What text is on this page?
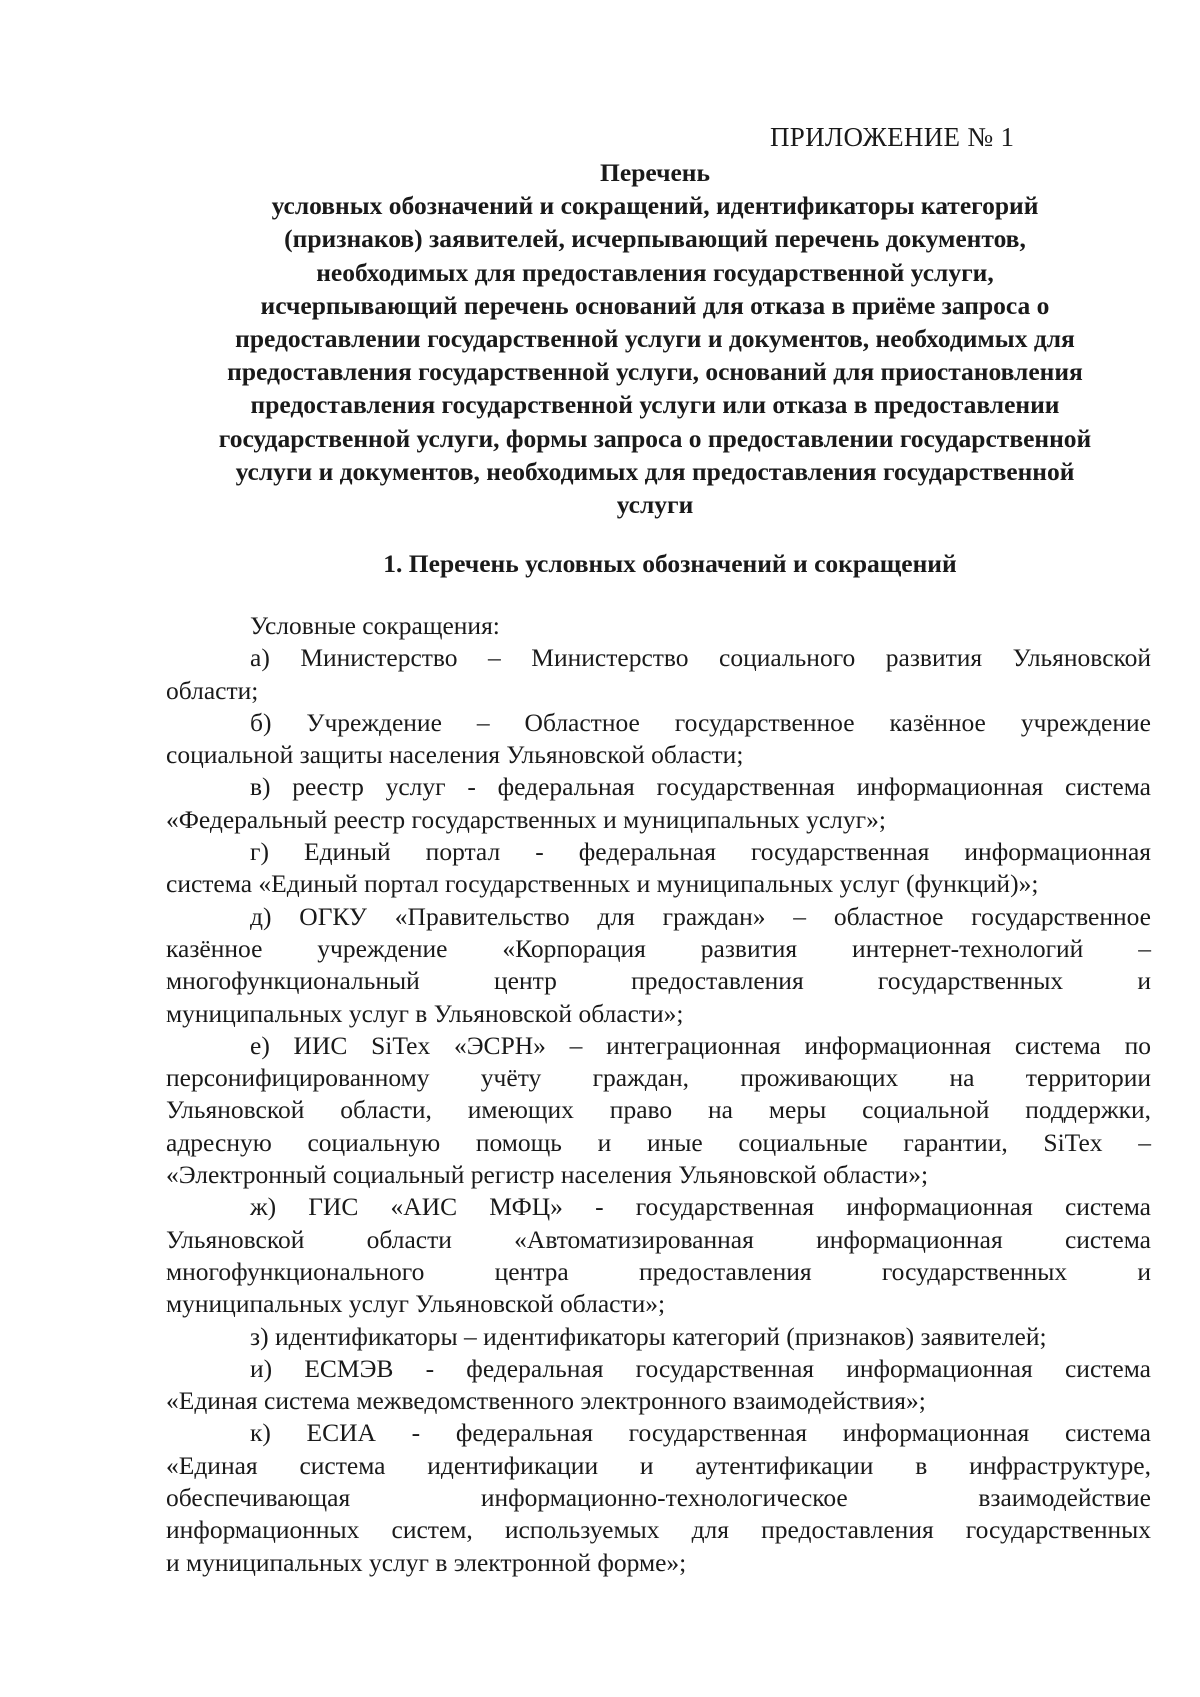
ПРИЛОЖЕНИЕ № 1
Перечень
условных обозначений и сокращений, идентификаторы категорий
(признаков) заявителей, исчерпывающий перечень документов,
необходимых для предоставления государственной услуги,
исчерпывающий перечень оснований для отказа в приёме запроса о
предоставлении государственной услуги и документов, необходимых для
предоставления государственной услуги, оснований для приостановления
предоставления государственной услуги или отказа в предоставлении
государственной услуги, формы запроса о предоставлении государственной
услуги и документов, необходимых для предоставления государственной
услуги
1. Перечень условных обозначений и сокращений

Условные сокращения:

а) Министерство – Министерство социального развития Ульяновской
области;

б) Учреждение – Областное государственное казённое учреждение
социальной защиты населения Ульяновской области;

в) реестр услуг - федеральная государственная информационная система
«Федеральный реестр государственных и муниципальных услуг»;

г) Единый портал - федеральная государственная информационная
система «Единый портал государственных и муниципальных услуг (функций)»;

д) ОГКУ «Правительство для граждан» – областное государственное
казённое учреждение «Корпорация развития интернет-технологий –
многофункциональный центр предоставления государственных и
муниципальных услуг в Ульяновской области»;

е) ИИС SiTex «ЭСРН» – интеграционная информационная система по
персонифицированному учёту граждан, проживающих на территории
Ульяновской области, имеющих право на меры социальной поддержки,
адресную социальную помощь и иные социальные гарантии, SiTex –
«Электронный социальный регистр населения Ульяновской области»;

ж) ГИС «АИС МФЦ» - государственная информационная система
Ульяновской области «Автоматизированная информационная система
многофункционального центра предоставления государственных и
муниципальных услуг Ульяновской области»;

з) идентификаторы – идентификаторы категорий (признаков) заявителей;

и) ЕСМЭВ - федеральная государственная информационная система
«Единая система межведомственного электронного взаимодействия»;

к) ЕСИА - федеральная государственная информационная система
«Единая система идентификации и аутентификации в инфраструктуре,
обеспечивающая информационно-технологическое взаимодействие
информационных систем, используемых для предоставления государственных
и муниципальных услуг в электронной форме»;
